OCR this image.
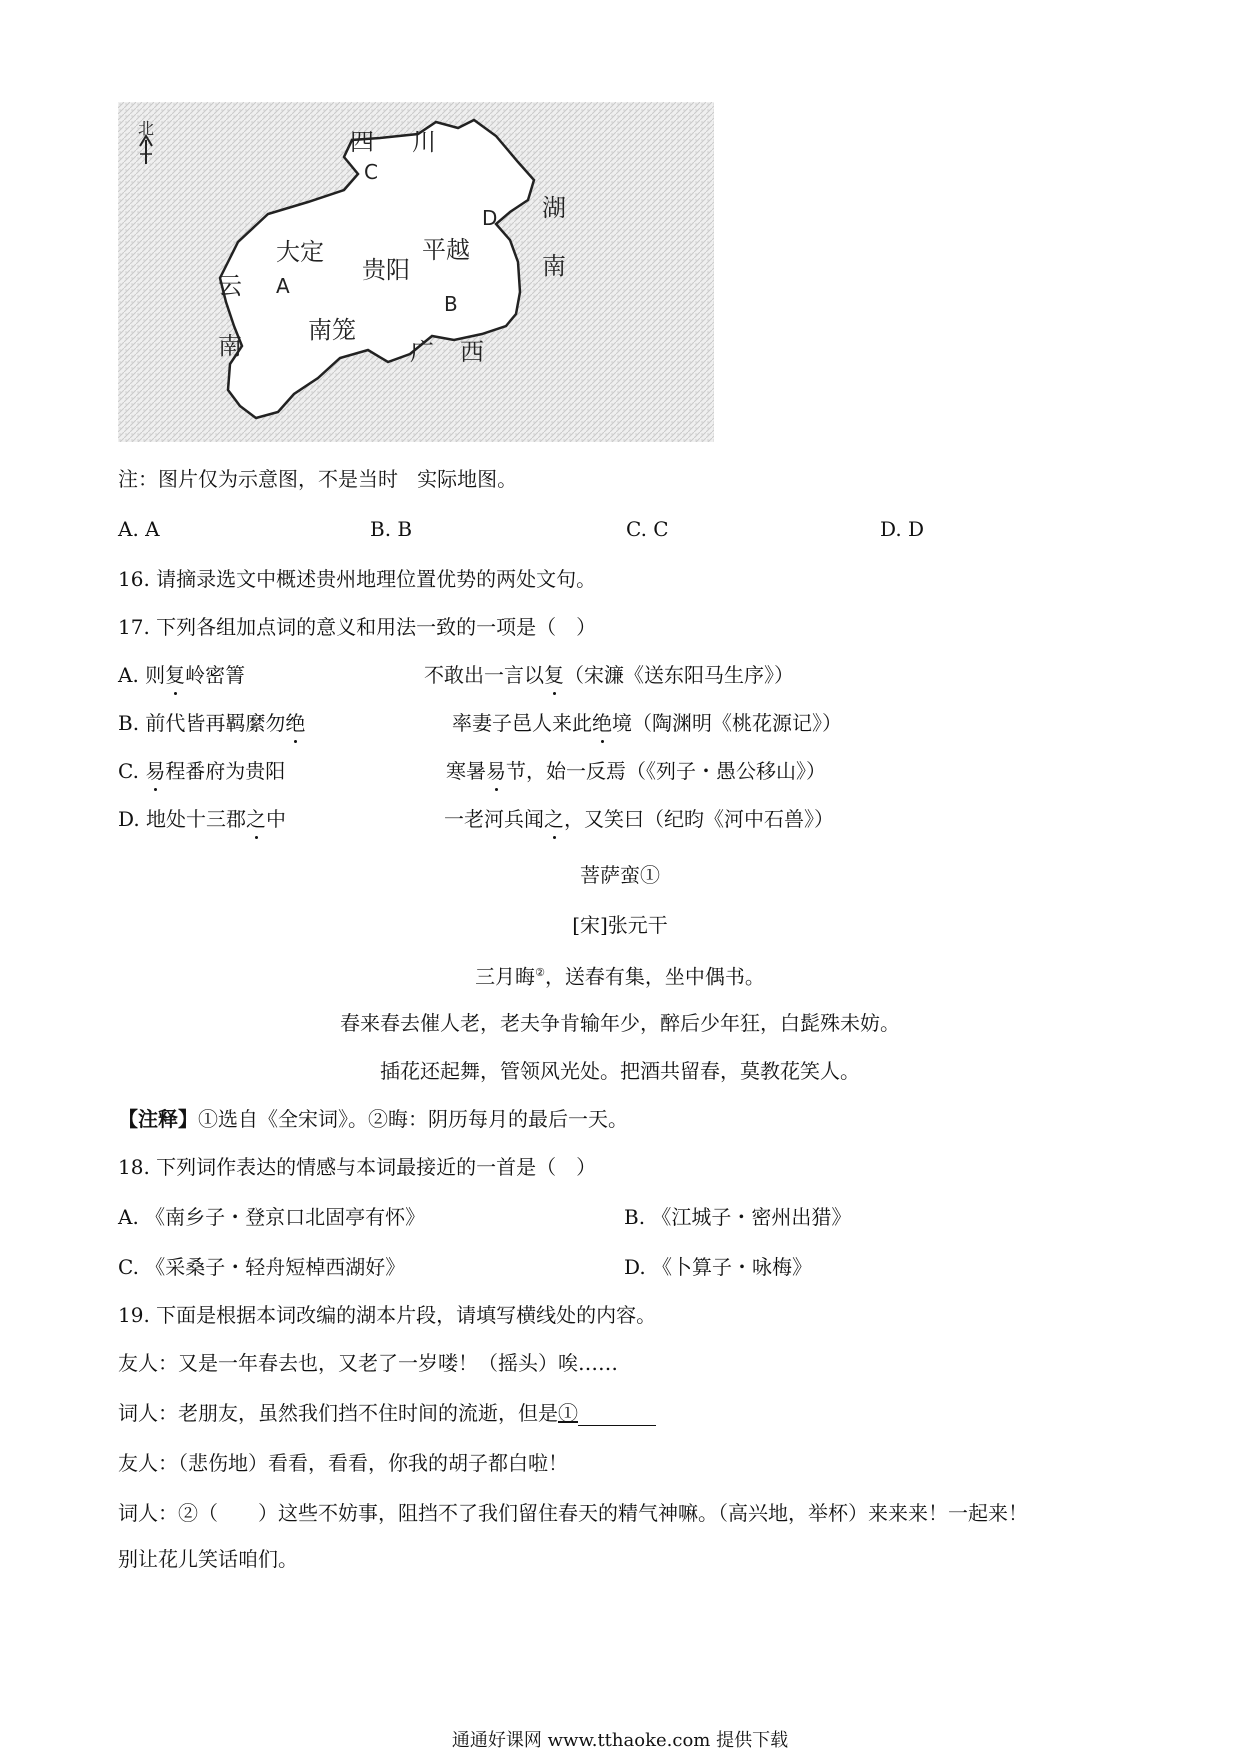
北	四 川
湖
南
云
南	广 西
大定
贵阳
平越
南笼
A
B
C
D
注：图片仅为示意图，不是当时   实际地图。
A. A	B. B	C. C	D. D
16. 请摘录选文中概述贵州地理位置优势的两处文句。
17. 下列各组加点词的意义和用法一致的一项是（　）
A. 则复岭密箐	不敢出一言以复（宋濂《送东阳马生序》）
B. 前代皆再羁縻勿绝	率妻子邑人来此绝境（陶渊明《桃花源记》）
C. 易程番府为贵阳	寒暑易节，始一反焉（《列子・愚公移山》）
D. 地处十三郡之中	一老河兵闻之，又笑曰（纪昀《河中石兽》）
菩萨蛮①
[宋]张元干
三月晦②，送春有集，坐中偶书。
春来春去催人老，老夫争肯输年少，醉后少年狂，白髭殊未妨。
插花还起舞，管领风光处。把酒共留春，莫教花笑人。
【注释】①选自《全宋词》。②晦：阴历每月的最后一天。
18. 下列词作表达的情感与本词最接近的一首是（　）
A. 《南乡子・登京口北固亭有怀》	B. 《江城子・密州出猎》
C. 《采桑子・轻舟短棹西湖好》	D. 《卜算子・咏梅》
19. 下面是根据本词改编的湖本片段，请填写横线处的内容。
友人：又是一年春去也，又老了一岁喽！（摇头）唉……
词人：老朋友，虽然我们挡不住时间的流逝，但是①
友人：（悲伤地）看看，看看，你我的胡子都白啦！
词人：②（　　）这些不妨事，阻挡不了我们留住春天的精气神嘛。（高兴地，举杯）来来来！一起来！
别让花儿笑话咱们。
通通好课网 www.tthaoke.com 提供下载
